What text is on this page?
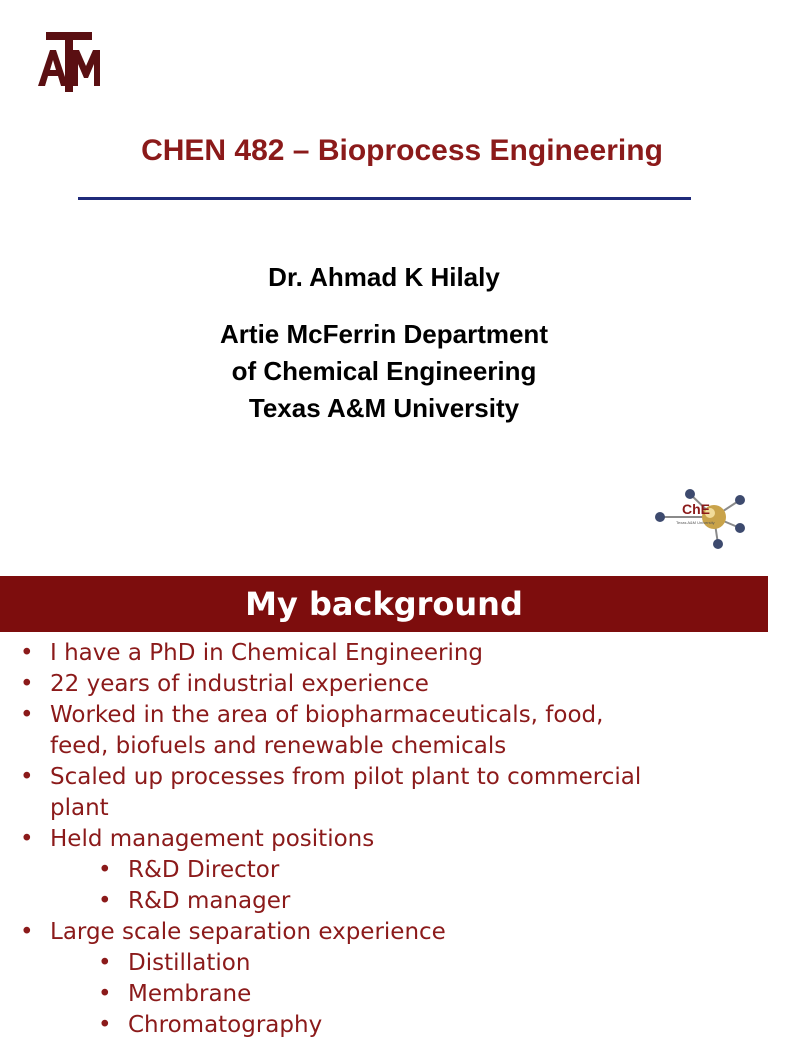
CHEN 482 – Bioprocess Engineering
Dr. Ahmad K Hilaly
Artie McFerrin Department
of Chemical Engineering
Texas A&M University
ChE
Texas A&M University
My background
• I have a PhD in Chemical Engineering
• 22 years of industrial experience
• Worked in the area of biopharmaceuticals, food,
feed, biofuels and renewable chemicals
• Scaled up processes from pilot plant to commercial
plant
• Held management positions
• R&D Director
• R&D manager
• Large scale separation experience
• Distillation
• Membrane
• Chromatography
